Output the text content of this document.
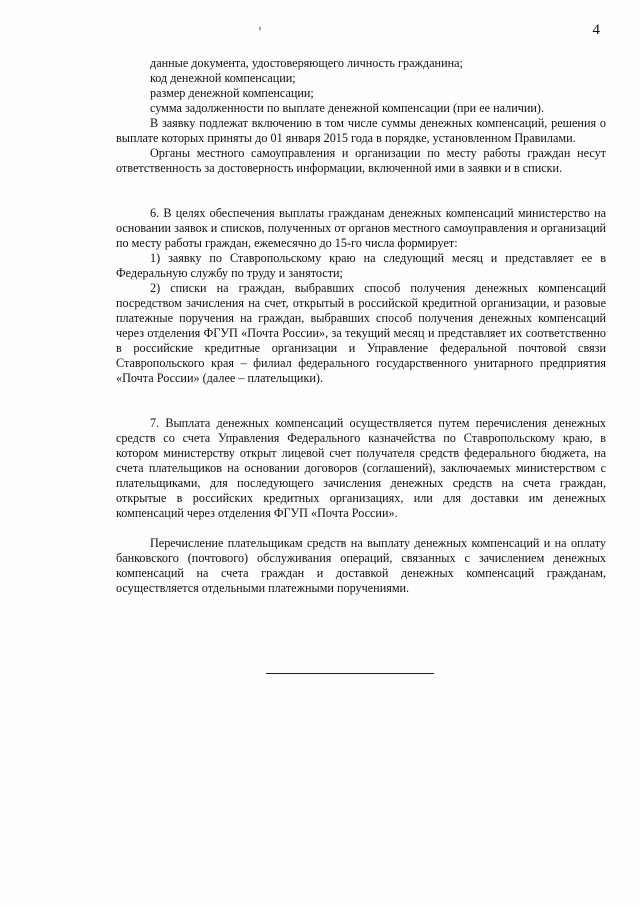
›	4

данные документа, удостоверяющего личность гражданина;

код денежной компенсации;

размер денежной компенсации;

сумма задолженности по выплате денежной компенсации (при ее наличии).

В заявку подлежат включению в том числе суммы денежных компенсаций, решения о выплате которых приняты до 01 января 2015 года в порядке, установленном Правилами.

Органы местного самоуправления и организации по месту работы граждан несут ответственность за достоверность информации, включенной ими в заявки и в списки.

6. В целях обеспечения выплаты гражданам денежных компенсаций министерство на основании заявок и списков, полученных от органов местного самоуправления и организаций по месту работы граждан, ежемесячно до 15-го числа формирует:

1) заявку по Ставропольскому краю на следующий месяц и представляет ее в Федеральную службу по труду и занятости;

2) списки на граждан, выбравших способ получения денежных компенсаций посредством зачисления на счет, открытый в российской кредитной организации, и разовые платежные поручения на граждан, выбравших способ получения денежных компенсаций через отделения ФГУП «Почта России», за текущий месяц и представляет их соответственно в российские кредитные организации и Управление федеральной почтовой связи Ставропольского края – филиал федерального государственного унитарного предприятия «Почта России» (далее – плательщики).

7. Выплата денежных компенсаций осуществляется путем перечисления денежных средств со счета Управления Федерального казначейства по Ставропольскому краю, в котором министерству открыт лицевой счет получателя средств федерального бюджета, на счета плательщиков на основании договоров (соглашений), заключаемых министерством с плательщиками, для последующего зачисления денежных средств на счета граждан, открытые в российских кредитных организациях, или для доставки им денежных компенсаций через отделения ФГУП «Почта России».

Перечисление плательщикам средств на выплату денежных компенсаций и на оплату банковского (почтового) обслуживания операций, связанных с зачислением денежных компенсаций на счета граждан и доставкой денежных компенсаций гражданам, осуществляется отдельными платежными поручениями.
